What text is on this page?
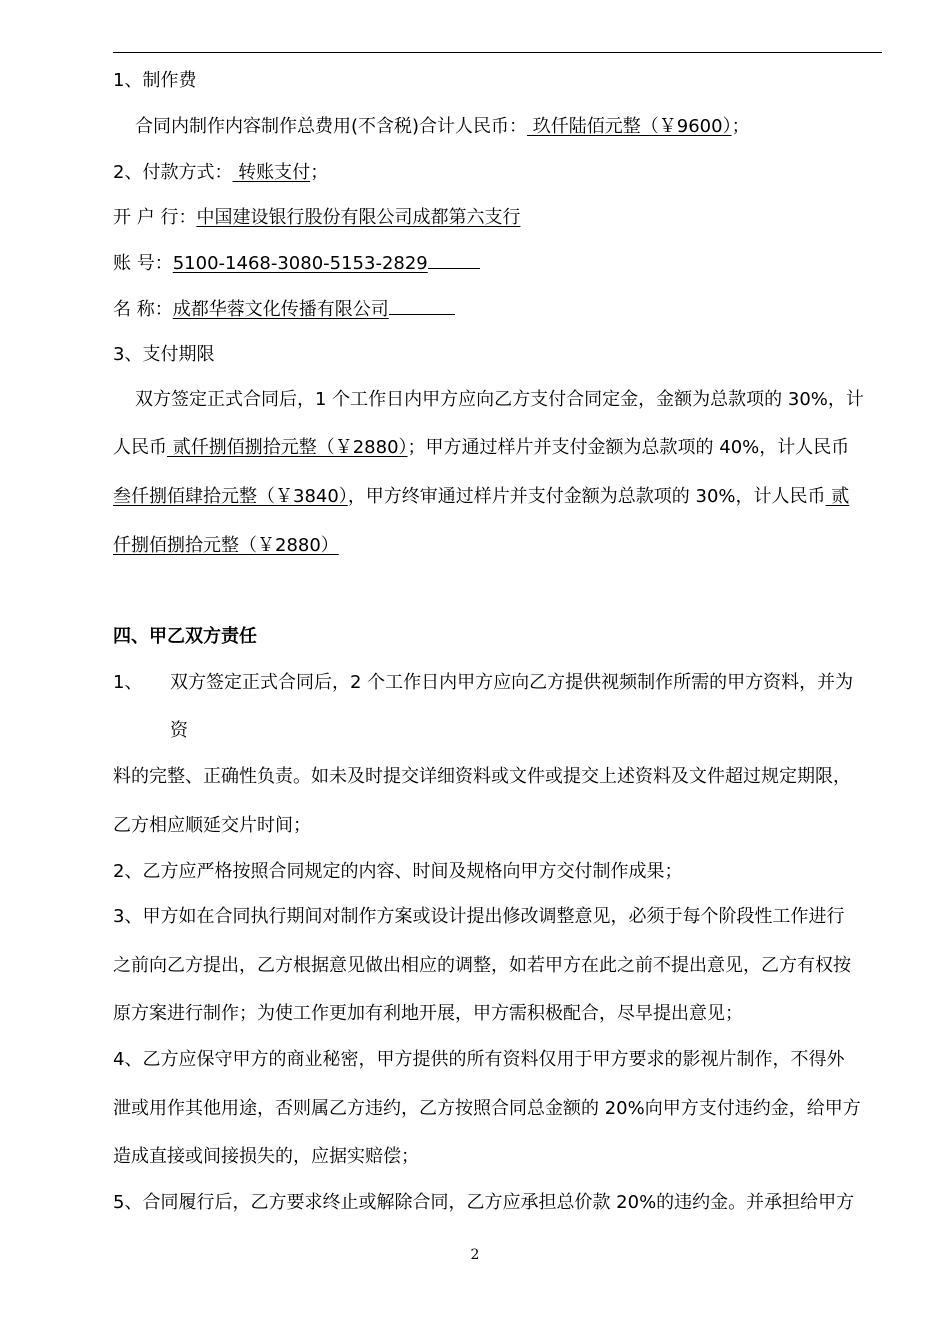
1、制作费
合同内制作内容制作总费用(不含税)合计人民币： 玖仟陆佰元整（￥9600）；
2、付款方式： 转账支付；
开 户 行：中国建设银行股份有限公司成都第六支行
账 号：5100-1468-3080-5153-2829
名 称：成都华蓉文化传播有限公司
3、支付期限
双方签定正式合同后，1 个工作日内甲方应向乙方支付合同定金，金额为总款项的 30%，计
人民币 贰仟捌佰捌拾元整（￥2880）；甲方通过样片并支付金额为总款项的 40%，计人民币
叁仟捌佰肆拾元整（￥3840），甲方终审通过样片并支付金额为总款项的 30%，计人民币 贰
仟捌佰捌拾元整（￥2880）
四、甲乙双方责任
1、 双方签定正式合同后，2 个工作日内甲方应向乙方提供视频制作所需的甲方资料，并为
资
料的完整、正确性负责。如未及时提交详细资料或文件或提交上述资料及文件超过规定期限，
乙方相应顺延交片时间；
2、乙方应严格按照合同规定的内容、时间及规格向甲方交付制作成果；
3、甲方如在合同执行期间对制作方案或设计提出修改调整意见，必须于每个阶段性工作进行
之前向乙方提出，乙方根据意见做出相应的调整，如若甲方在此之前不提出意见，乙方有权按
原方案进行制作；为使工作更加有利地开展，甲方需积极配合，尽早提出意见；
4、乙方应保守甲方的商业秘密，甲方提供的所有资料仅用于甲方要求的影视片制作，不得外
泄或用作其他用途，否则属乙方违约，乙方按照合同总金额的 20%向甲方支付违约金，给甲方
造成直接或间接损失的，应据实赔偿；
5、合同履行后，乙方要求终止或解除合同，乙方应承担总价款 20%的违约金。并承担给甲方
2
